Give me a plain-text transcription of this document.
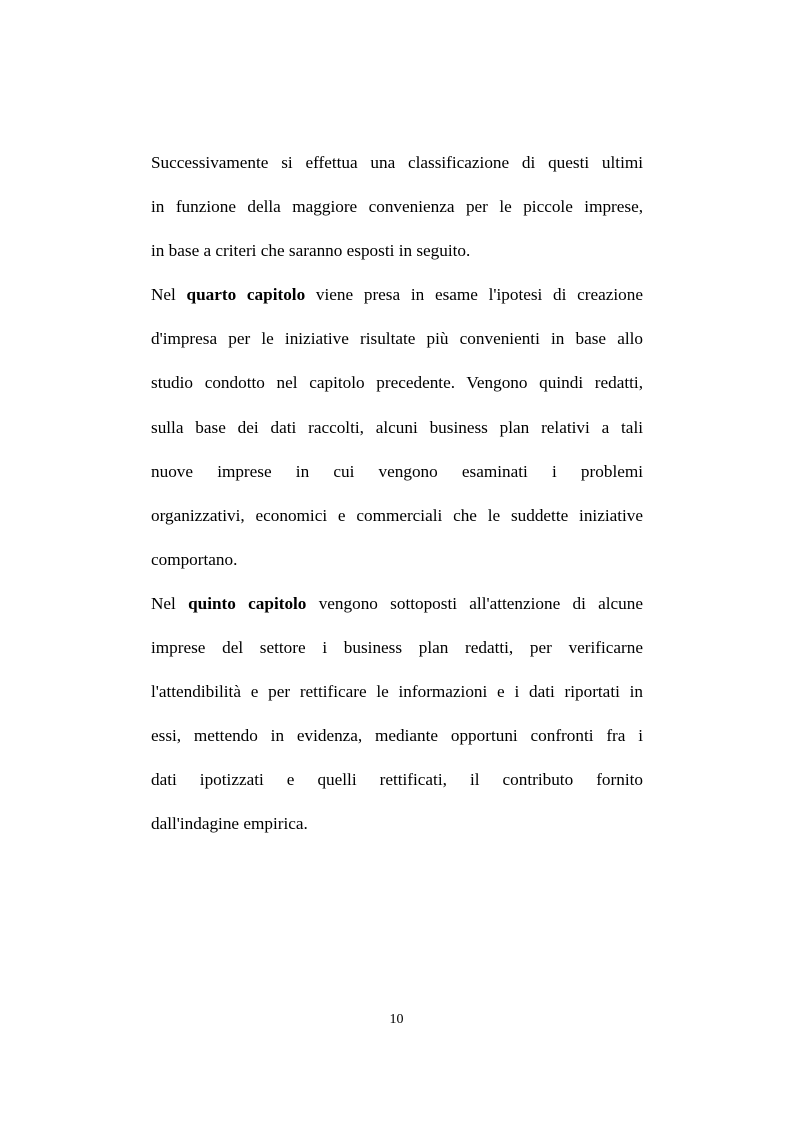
Successivamente si effettua una classificazione di questi ultimi
in funzione della maggiore convenienza per le piccole imprese,
in base a criteri che saranno esposti in seguito.
Nel quarto capitolo viene presa in esame l'ipotesi di creazione
d'impresa per le iniziative risultate più convenienti in base allo
studio condotto nel capitolo precedente. Vengono quindi redatti,
sulla base dei dati raccolti, alcuni business plan relativi a tali
nuove imprese in cui vengono esaminati i problemi
organizzativi, economici e commerciali che le suddette iniziative
comportano.
Nel quinto capitolo vengono sottoposti all'attenzione di alcune
imprese del settore i business plan redatti, per verificarne
l'attendibilità e per rettificare le informazioni e i dati riportati in
essi, mettendo in evidenza, mediante opportuni confronti fra i
dati ipotizzati e quelli rettificati, il contributo fornito
dall'indagine empirica.
10
